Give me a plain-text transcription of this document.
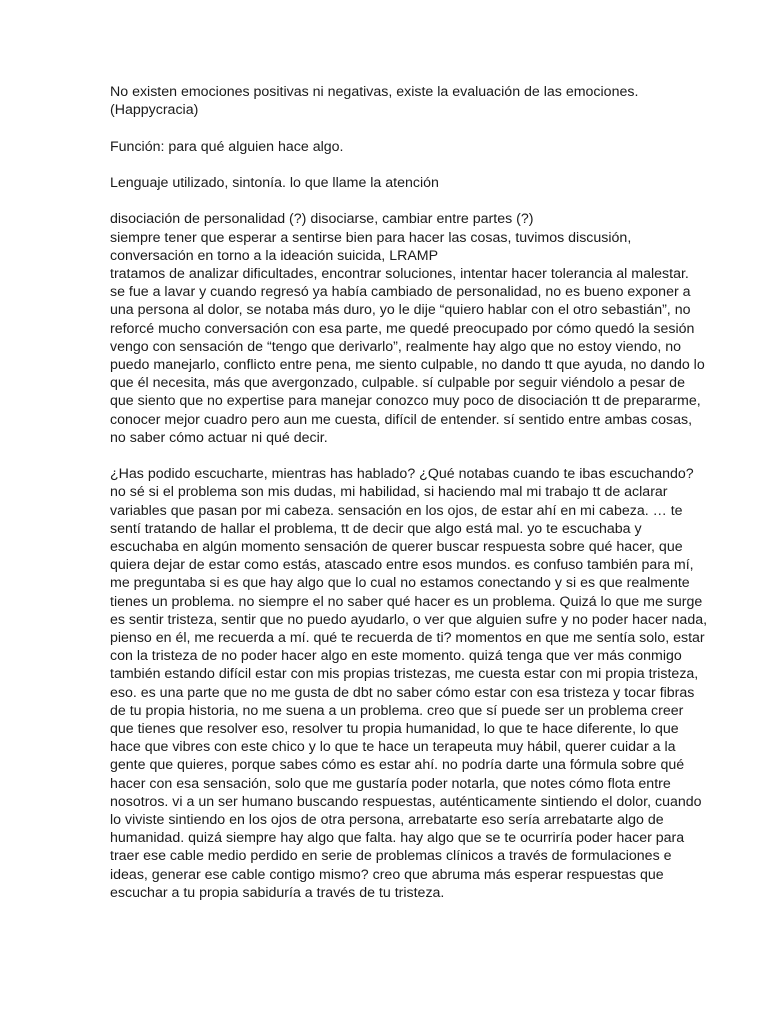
No existen emociones positivas ni negativas, existe la evaluación de las emociones.
(Happycracia)

Función: para qué alguien hace algo.

Lenguaje utilizado, sintonía. lo que llame la atención

disociación de personalidad (?) disociarse, cambiar entre partes (?)
siempre tener que esperar a sentirse bien para hacer las cosas, tuvimos discusión,
conversación en torno a la ideación suicida, LRAMP
tratamos de analizar dificultades, encontrar soluciones, intentar hacer tolerancia al malestar.
se fue a lavar y cuando regresó ya había cambiado de personalidad, no es bueno exponer a
una persona al dolor, se notaba más duro, yo le dije “quiero hablar con el otro sebastián”, no
reforcé mucho conversación con esa parte, me quedé preocupado por cómo quedó la sesión
vengo con sensación de “tengo que derivarlo”, realmente hay algo que no estoy viendo, no
puedo manejarlo, conflicto entre pena, me siento culpable, no dando tt que ayuda, no dando lo
que él necesita, más que avergonzado, culpable. sí culpable por seguir viéndolo a pesar de
que siento que no expertise para manejar conozco muy poco de disociación tt de prepararme,
conocer mejor cuadro pero aun me cuesta, difícil de entender. sí sentido entre ambas cosas,
no saber cómo actuar ni qué decir.

¿Has podido escucharte, mientras has hablado? ¿Qué notabas cuando te ibas escuchando?
no sé si el problema son mis dudas, mi habilidad, si haciendo mal mi trabajo tt de aclarar
variables que pasan por mi cabeza. sensación en los ojos, de estar ahí en mi cabeza. … te
sentí tratando de hallar el problema, tt de decir que algo está mal. yo te escuchaba y
escuchaba en algún momento sensación de querer buscar respuesta sobre qué hacer, que
quiera dejar de estar como estás, atascado entre esos mundos. es confuso también para mí,
me preguntaba si es que hay algo que lo cual no estamos conectando y si es que realmente
tienes un problema. no siempre el no saber qué hacer es un problema. Quizá lo que me surge
es sentir tristeza, sentir que no puedo ayudarlo, o ver que alguien sufre y no poder hacer nada,
pienso en él, me recuerda a mí. qué te recuerda de ti? momentos en que me sentía solo, estar
con la tristeza de no poder hacer algo en este momento. quizá tenga que ver más conmigo
también estando difícil estar con mis propias tristezas, me cuesta estar con mi propia tristeza,
eso. es una parte que no me gusta de dbt no saber cómo estar con esa tristeza y tocar fibras
de tu propia historia, no me suena a un problema. creo que sí puede ser un problema creer
que tienes que resolver eso, resolver tu propia humanidad, lo que te hace diferente, lo que
hace que vibres con este chico y lo que te hace un terapeuta muy hábil, querer cuidar a la
gente que quieres, porque sabes cómo es estar ahí. no podría darte una fórmula sobre qué
hacer con esa sensación, solo que me gustaría poder notarla, que notes cómo flota entre
nosotros. vi a un ser humano buscando respuestas, auténticamente sintiendo el dolor, cuando
lo viviste sintiendo en los ojos de otra persona, arrebatarte eso sería arrebatarte algo de
humanidad. quizá siempre hay algo que falta. hay algo que se te ocurriría poder hacer para
traer ese cable medio perdido en serie de problemas clínicos a través de formulaciones e
ideas, generar ese cable contigo mismo? creo que abruma más esperar respuestas que
escuchar a tu propia sabiduría a través de tu tristeza.
